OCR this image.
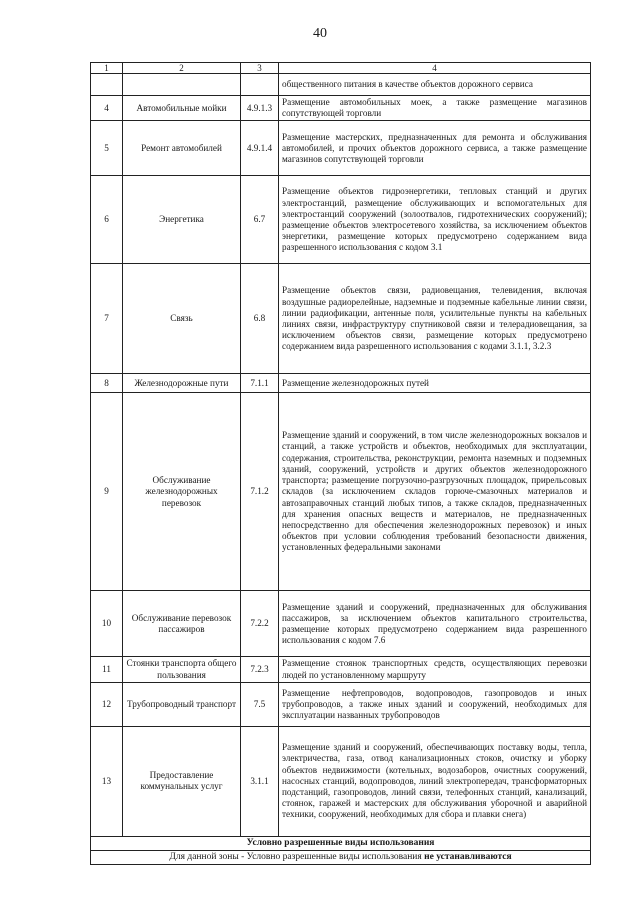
40
1	2	3	4
			общественного питания в качестве объектов дорожного сервиса
4	Автомобильные мойки	4.9.1.3	Размещение автомобильных моек, а также размещение магазинов сопутствующей торговли
5	Ремонт автомобилей	4.9.1.4	Размещение мастерских, предназначенных для ремонта и обслуживания автомобилей, и прочих объектов дорожного сервиса, а также размещение магазинов сопутствующей торговли
6	Энергетика	6.7	Размещение объектов гидроэнергетики, тепловых станций и других электростанций, размещение обслуживающих и вспомогательных для электростанций сооружений (золоотвалов, гидротехнических сооружений); размещение объектов электросетевого хозяйства, за исключением объектов энергетики, размещение которых предусмотрено содержанием вида разрешенного использования с кодом 3.1
7	Связь	6.8	Размещение объектов связи, радиовещания, телевидения, включая воздушные радиорелейные, надземные и подземные кабельные линии связи, линии радиофикации, антенные поля, усилительные пункты на кабельных линиях связи, инфраструктуру спутниковой связи и телерадиовещания, за исключением объектов связи, размещение которых предусмотрено содержанием вида разрешенного использования с кодами 3.1.1, 3.2.3
8	Железнодорожные пути	7.1.1	Размещение железнодорожных путей
9	Обслуживание железнодорожных перевозок	7.1.2	Размещение зданий и сооружений, в том числе железнодорожных вокзалов и станций, а также устройств и объектов, необходимых для эксплуатации, содержания, строительства, реконструкции, ремонта наземных и подземных зданий, сооружений, устройств и других объектов железнодорожного транспорта; размещение погрузочно-разгрузочных площадок, прирельсовых складов (за исключением складов горюче-смазочных материалов и автозаправочных станций любых типов, а также складов, предназначенных для хранения опасных веществ и материалов, не предназначенных непосредственно для обеспечения железнодорожных перевозок) и иных объектов при условии соблюдения требований безопасности движения, установленных федеральными законами
10	Обслуживание перевозок пассажиров	7.2.2	Размещение зданий и сооружений, предназначенных для обслуживания пассажиров, за исключением объектов капитального строительства, размещение которых предусмотрено содержанием вида разрешенного использования с кодом 7.6
11	Стоянки транспорта общего пользования	7.2.3	Размещение стоянок транспортных средств, осуществляющих перевозки людей по установленному маршруту
12	Трубопроводный транспорт	7.5	Размещение нефтепроводов, водопроводов, газопроводов и иных трубопроводов, а также иных зданий и сооружений, необходимых для эксплуатации названных трубопроводов
13	Предоставление коммунальных услуг	3.1.1	Размещение зданий и сооружений, обеспечивающих поставку воды, тепла, электричества, газа, отвод канализационных стоков, очистку и уборку объектов недвижимости (котельных, водозаборов, очистных сооружений, насосных станций, водопроводов, линий электропередач, трансформаторных подстанций, газопроводов, линий связи, телефонных станций, канализаций, стоянок, гаражей и мастерских для обслуживания уборочной и аварийной техники, сооружений, необходимых для сбора и плавки снега)
Условно разрешенные виды использования			
Для данной зоны - Условно разрешенные виды использования не устанавливаются			
